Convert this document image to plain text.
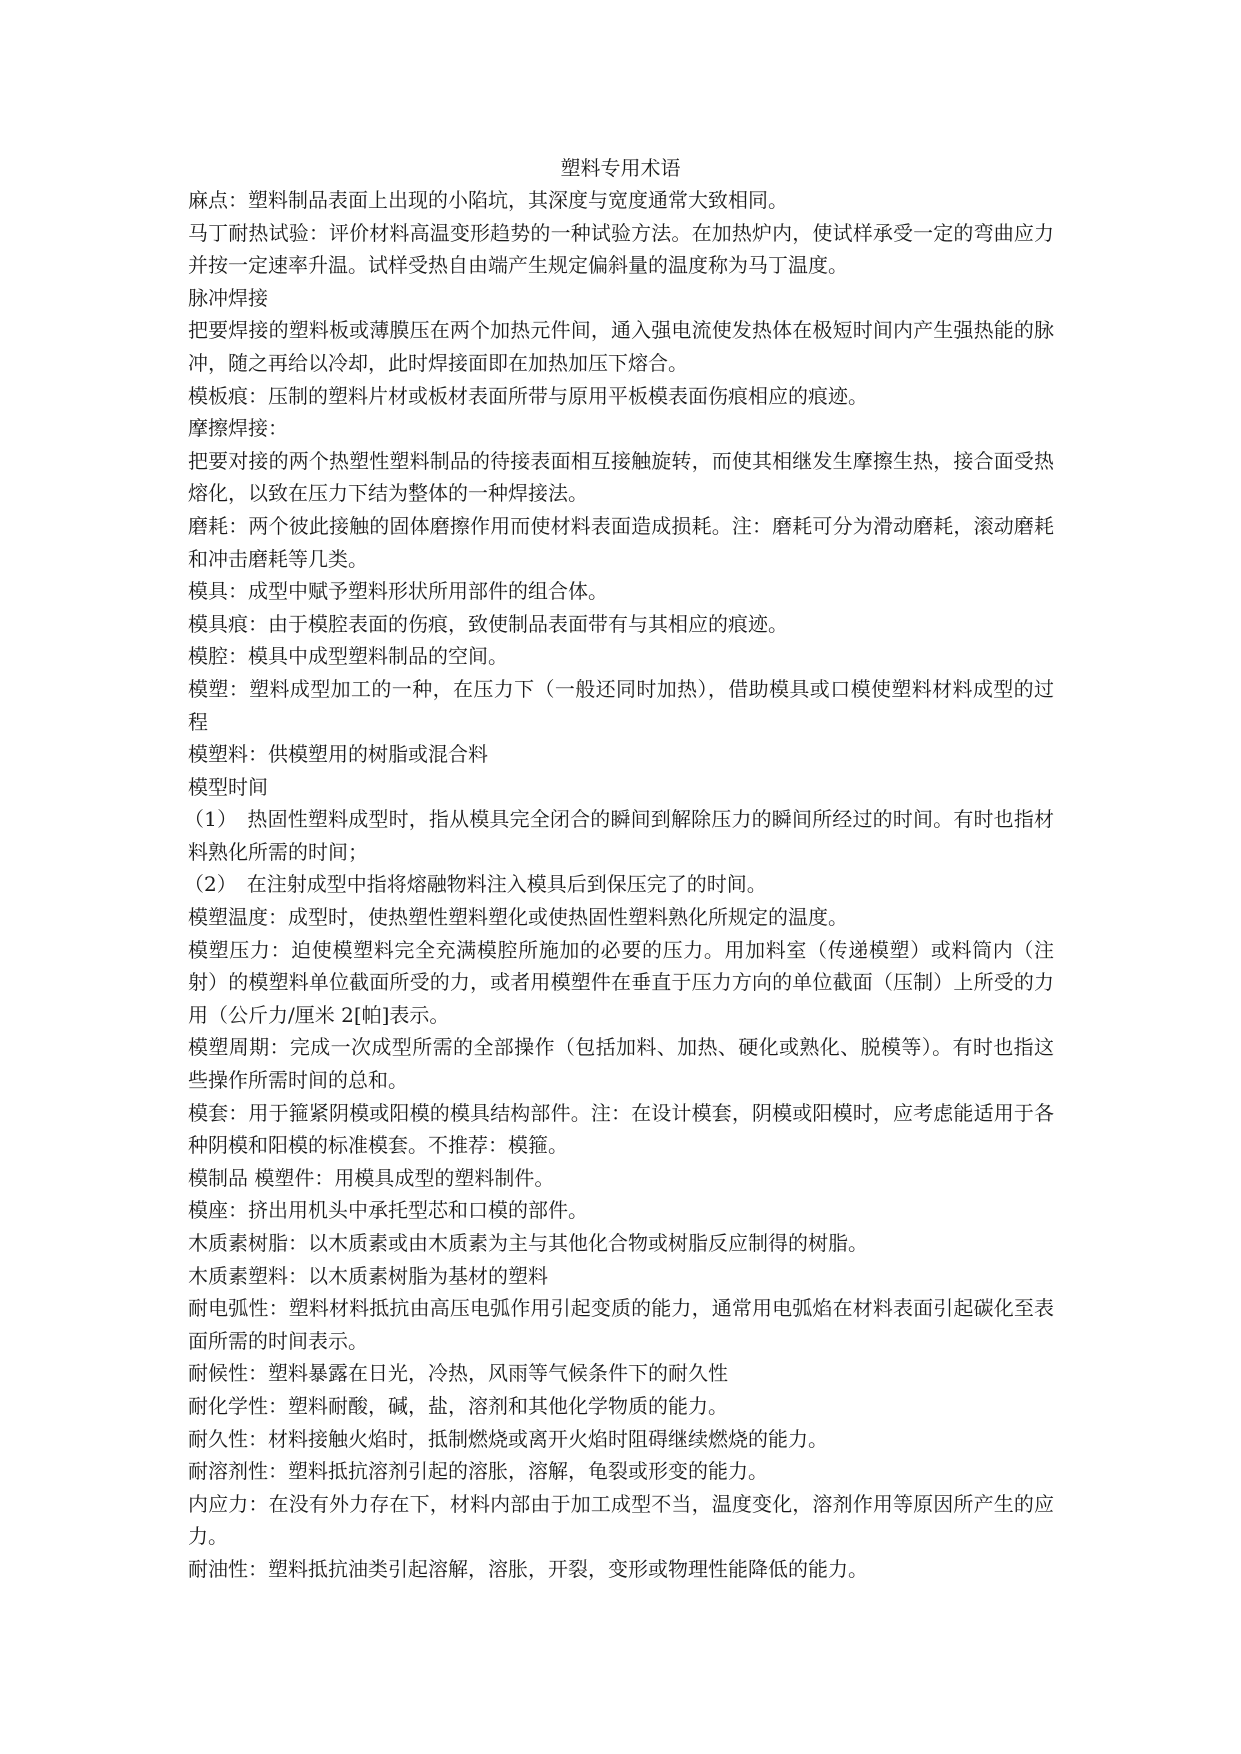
塑料专用术语

麻点：塑料制品表面上出现的小陷坑，其深度与宽度通常大致相同。

马丁耐热试验：评价材料高温变形趋势的一种试验方法。在加热炉内，使试样承受一定的弯曲应力并按一定速率升温。试样受热自由端产生规定偏斜量的温度称为马丁温度。

脉冲焊接

把要焊接的塑料板或薄膜压在两个加热元件间，通入强电流使发热体在极短时间内产生强热能的脉冲，随之再给以冷却，此时焊接面即在加热加压下熔合。

模板痕：压制的塑料片材或板材表面所带与原用平板模表面伤痕相应的痕迹。

摩擦焊接：

把要对接的两个热塑性塑料制品的待接表面相互接触旋转，而使其相继发生摩擦生热，接合面受热熔化，以致在压力下结为整体的一种焊接法。

磨耗：两个彼此接触的固体磨擦作用而使材料表面造成损耗。注：磨耗可分为滑动磨耗，滚动磨耗和冲击磨耗等几类。

模具：成型中赋予塑料形状所用部件的组合体。

模具痕：由于模腔表面的伤痕，致使制品表面带有与其相应的痕迹。

模腔：模具中成型塑料制品的空间。

模塑：塑料成型加工的一种，在压力下（一般还同时加热），借助模具或口模使塑料材料成型的过程

模塑料：供模塑用的树脂或混合料

模型时间

（1）　热固性塑料成型时，指从模具完全闭合的瞬间到解除压力的瞬间所经过的时间。有时也指材料熟化所需的时间；

（2）　在注射成型中指将熔融物料注入模具后到保压完了的时间。

模塑温度：成型时，使热塑性塑料塑化或使热固性塑料熟化所规定的温度。

模塑压力：迫使模塑料完全充满模腔所施加的必要的压力。用加料室（传递模塑）或料筒内（注射）的模塑料单位截面所受的力，或者用模塑件在垂直于压力方向的单位截面（压制）上所受的力用（公斤力/厘米 2[帕]表示。

模塑周期：完成一次成型所需的全部操作（包括加料、加热、硬化或熟化、脱模等）。有时也指这些操作所需时间的总和。

模套：用于箍紧阴模或阳模的模具结构部件。注：在设计模套，阴模或阳模时，应考虑能适用于各种阴模和阳模的标准模套。不推荐：模箍。

模制品 模塑件：用模具成型的塑料制件。

模座：挤出用机头中承托型芯和口模的部件。

木质素树脂：以木质素或由木质素为主与其他化合物或树脂反应制得的树脂。

木质素塑料：以木质素树脂为基材的塑料

耐电弧性：塑料材料抵抗由高压电弧作用引起变质的能力，通常用电弧焰在材料表面引起碳化至表面所需的时间表示。

耐候性：塑料暴露在日光，冷热，风雨等气候条件下的耐久性

耐化学性：塑料耐酸，碱，盐，溶剂和其他化学物质的能力。

耐久性：材料接触火焰时，抵制燃烧或离开火焰时阻碍继续燃烧的能力。

耐溶剂性：塑料抵抗溶剂引起的溶胀，溶解，龟裂或形变的能力。

内应力：在没有外力存在下，材料内部由于加工成型不当，温度变化，溶剂作用等原因所产生的应力。

耐油性：塑料抵抗油类引起溶解，溶胀，开裂，变形或物理性能降低的能力。
